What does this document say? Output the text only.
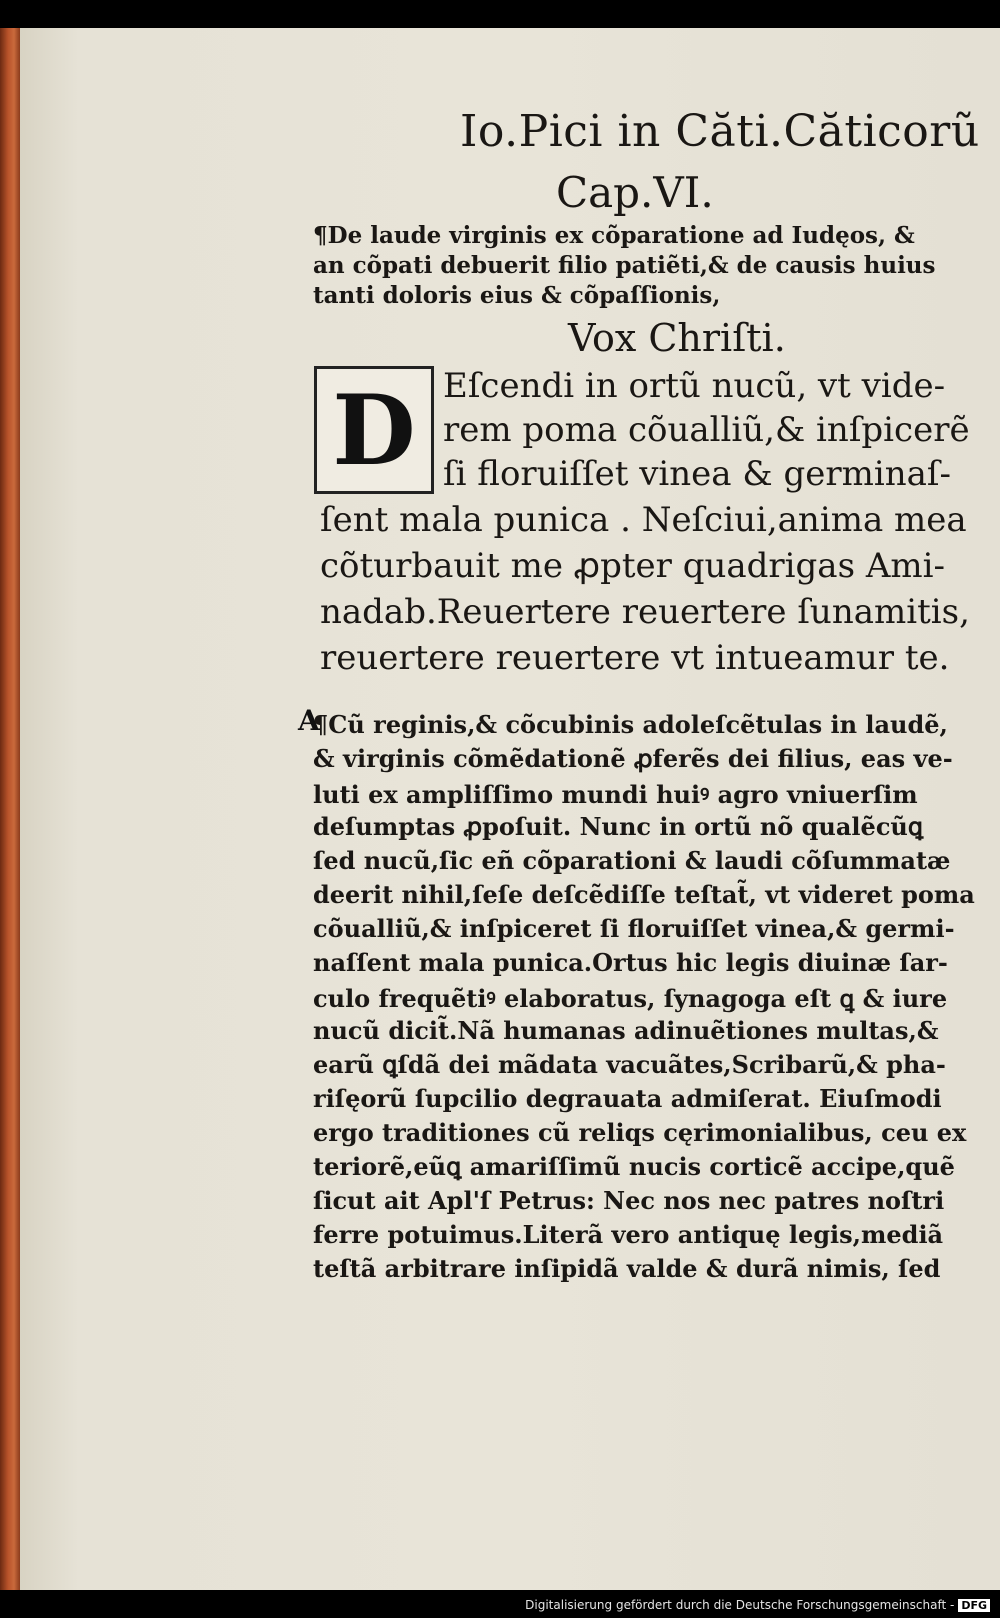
Io.Pici in Căti.Căticorũ
Cap.VI.
¶De laude virginis ex cõparatione ad Iudęos, &
an cõpati debuerit filio patiẽti,& de causis huius
tanti doloris eius & cõpaſſionis,
Vox Chriſti.
D Eſcendi in ortũ nucũ, vt vide-
rem poma cõualliũ,& inſpicerẽ
ſi floruiſſet vinea & germinaſ-
ſent mala punica . Neſciui,anima mea
cõturbauit me ꝓpter quadrigas Ami-
nadab.Reuertere reuertere ſunamitis,
reuertere reuertere vt intueamur te.
A
¶Cũ reginis,& cõcubinis adoleſcẽtulas in laudẽ,
& virginis cõmẽdationẽ ꝓferẽs dei filius, eas ve-
luti ex ampliſſimo mundi huiꝰ agro vniuerſim
deſumptas ꝓpoſuit. Nunc in ortũ nõ qualẽcũꝗ
ſed nucũ,ſic eñ cõparationi & laudi cõſummatæ
deerit nihil,ſeſe deſcẽdiſſe teſtat̃, vt videret poma
cõualliũ,& inſpiceret ſi floruiſſet vinea,& germi-
naſſent mala punica.Ortus hic legis diuinæ ſar-
culo frequẽtiꝰ elaboratus, ſynagoga eſt ꝗ & iure
nucũ dicit̃.Nã humanas adinuẽtiones multas,&
earũ ꝗſdã dei mãdata vacuãtes,Scribarũ,& pha-
riſęorũ ſupcilio degrauata admiſerat. Eiuſmodi
ergo traditiones cũ reliqs cęrimonialibus, ceu ex
teriorẽ,eũꝗ amariſſimũ nucis corticẽ accipe,quẽ
ſicut ait Apl'ſ Petrus: Nec nos nec patres noſtri
ferre potuimus.Literã vero antiquę legis,mediã
teſtã arbitrare inſipidã valde & durã nimis, ſed
Digitalisierung gefördert durch die Deutsche Forschungsgemeinschaft - DFG
